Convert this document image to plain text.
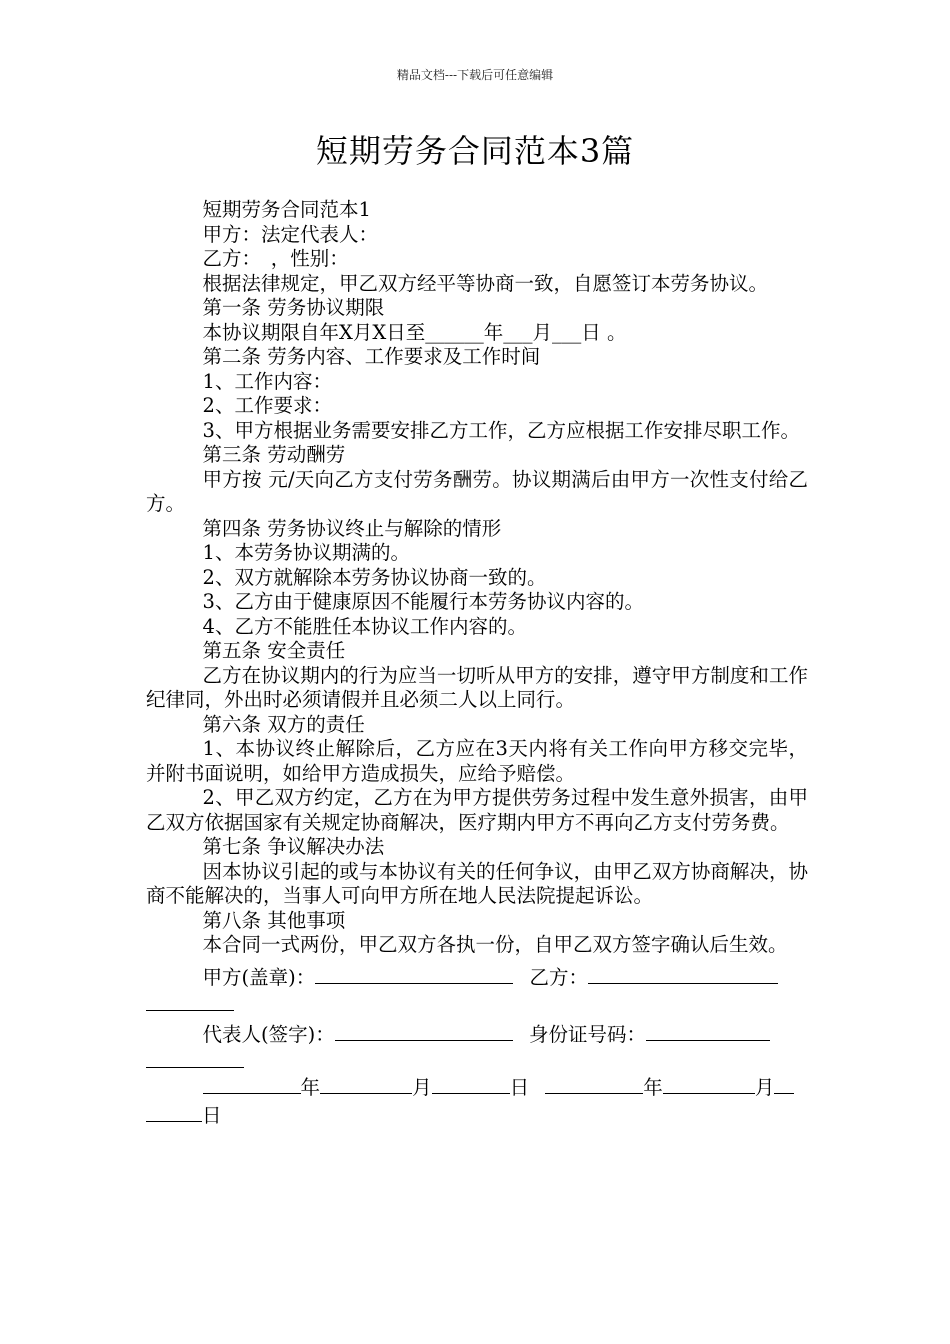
精品文档---下载后可任意编辑
短期劳务合同范本3篇

短期劳务合同范本1

甲方：法定代表人：

乙方：　，性别：

根据法律规定，甲乙双方经平等协商一致，自愿签订本劳务协议。

第一条 劳务协议期限

本协议期限自年X月X日至______年___月___日 。

第二条 劳务内容、工作要求及工作时间

1、工作内容：

2、工作要求：

3、甲方根据业务需要安排乙方工作，乙方应根据工作安排尽职工作。

第三条 劳动酬劳

甲方按 元/天向乙方支付劳务酬劳。协议期满后由甲方一次性支付给乙方。

第四条 劳务协议终止与解除的情形

1、本劳务协议期满的。

2、双方就解除本劳务协议协商一致的。

3、乙方由于健康原因不能履行本劳务协议内容的。

4、乙方不能胜任本协议工作内容的。

第五条 安全责任

乙方在协议期内的行为应当一切听从甲方的安排，遵守甲方制度和工作纪律同，外出时必须请假并且必须二人以上同行。

第六条 双方的责任

1、本协议终止解除后，乙方应在3天内将有关工作向甲方移交完毕，并附书面说明，如给甲方造成损失，应给予赔偿。

2、甲乙双方约定，乙方在为甲方提供劳务过程中发生意外损害，由甲乙双方依据国家有关规定协商解决，医疗期内甲方不再向乙方支付劳务费。

第七条 争议解决办法

因本协议引起的或与本协议有关的任何争议，由甲乙双方协商解决，协商不能解决的，当事人可向甲方所在地人民法院提起诉讼。

第八条 其他事项

本合同一式两份，甲乙双方各执一份，自甲乙双方签字确认后生效。

甲方(盖章)：	乙方：

代表人(签字)：	身份证号码：

年	月	日	年	月

日
